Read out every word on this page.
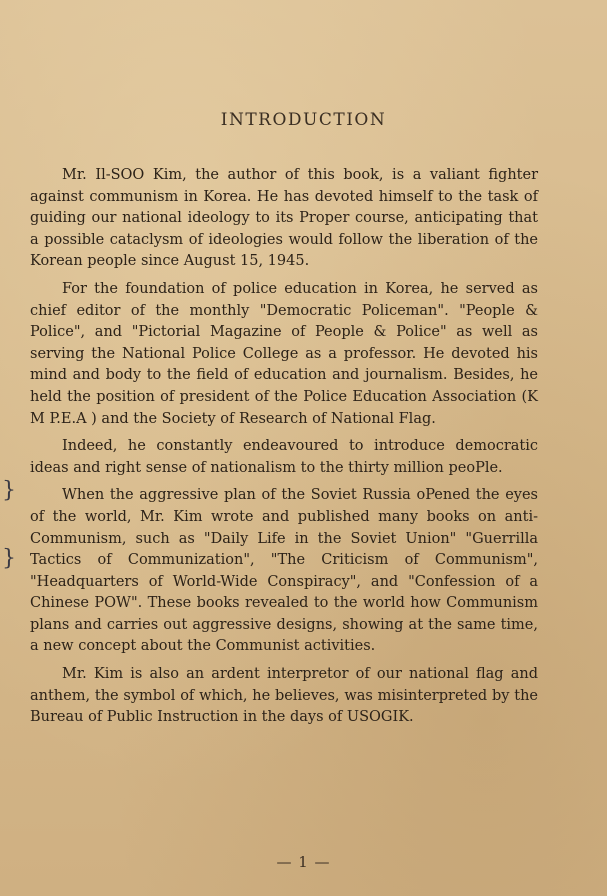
INTRODUCTION
}
}

Mr. Il-SOO Kim, the author of this book, is a valiant fighter against communism in Korea. He has devoted himself to the task of guiding our national ideology to its Proper course, anticipating that a possible cataclysm of ideologies would follow the liberation of the Korean people since August 15, 1945.

For the foundation of police education in Korea, he served as chief editor of the monthly "Democratic Policeman". "People & Police", and "Pictorial Magazine of People & Police" as well as serving the National Police College as a professor. He devoted his mind and body to the field of education and journalism. Besides, he held the position of president of the Police Education Association (K M P.E.A ) and the Society of Research of National Flag.

Indeed, he constantly endeavoured to introduce democratic ideas and right sense of nationalism to the thirty million peoPle.

When the aggressive plan of the Soviet Russia oPened the eyes of the world, Mr. Kim wrote and published many books on anti-Communism, such as "Daily Life in the Soviet Union" "Guerrilla Tactics of Communization", "The Criticism of Communism", "Headquarters of World-Wide Conspiracy", and "Confession of a Chinese POW". These books revealed to the world how Communism plans and carries out aggressive designs, showing at the same time, a new concept about the Communist activities.

Mr. Kim is also an ardent interpretor of our national flag and anthem, the symbol of which, he believes, was misinterpreted by the Bureau of Public Instruction in the days of USOGIK.

— 1 —
